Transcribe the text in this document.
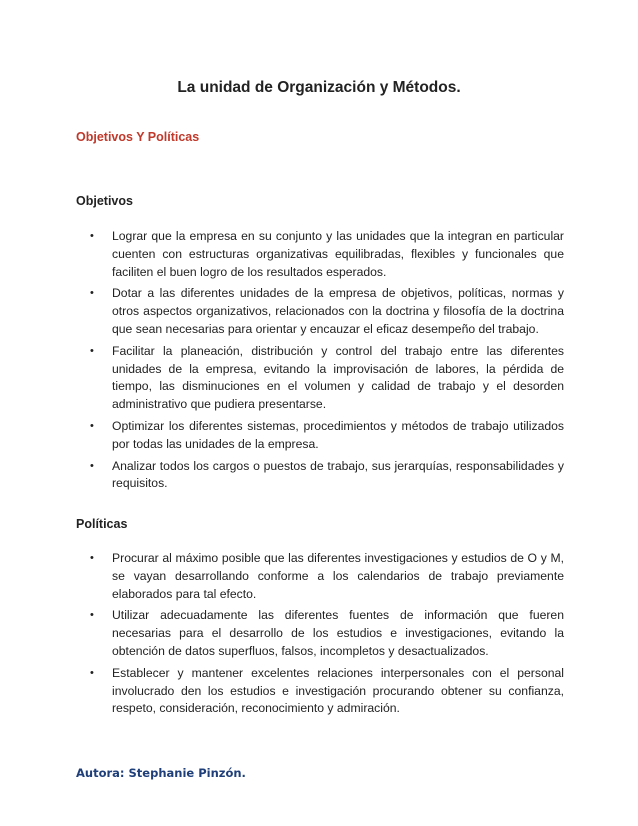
La unidad de Organización y Métodos.

Objetivos Y Políticas

Objetivos

• Lograr que la empresa en su conjunto y las unidades que la integran en particular cuenten con estructuras organizativas equilibradas, flexibles y funcionales que faciliten el buen logro de los resultados esperados.
• Dotar a las diferentes unidades de la empresa de objetivos, políticas, normas y otros aspectos organizativos, relacionados con la doctrina y filosofía de la doctrina que sean necesarias para orientar y encauzar el eficaz desempeño del trabajo.
• Facilitar la planeación, distribución y control del trabajo entre las diferentes unidades de la empresa, evitando la improvisación de labores, la pérdida de tiempo, las disminuciones en el volumen y calidad de trabajo y el desorden administrativo que pudiera presentarse.
• Optimizar los diferentes sistemas, procedimientos y métodos de trabajo utilizados por todas las unidades de la empresa.
• Analizar todos los cargos o puestos de trabajo, sus jerarquías, responsabilidades y requisitos.

Políticas

• Procurar al máximo posible que las diferentes investigaciones y estudios de O y M, se vayan desarrollando conforme a los calendarios de trabajo previamente elaborados para tal efecto.
• Utilizar adecuadamente las diferentes fuentes de información que fueren necesarias para el desarrollo de los estudios e investigaciones, evitando la obtención de datos superfluos, falsos, incompletos y desactualizados.
• Establecer y mantener excelentes relaciones interpersonales con el personal involucrado den los estudios e investigación procurando obtener su confianza, respeto, consideración, reconocimiento y admiración.

Autora: Stephanie Pinzón.
